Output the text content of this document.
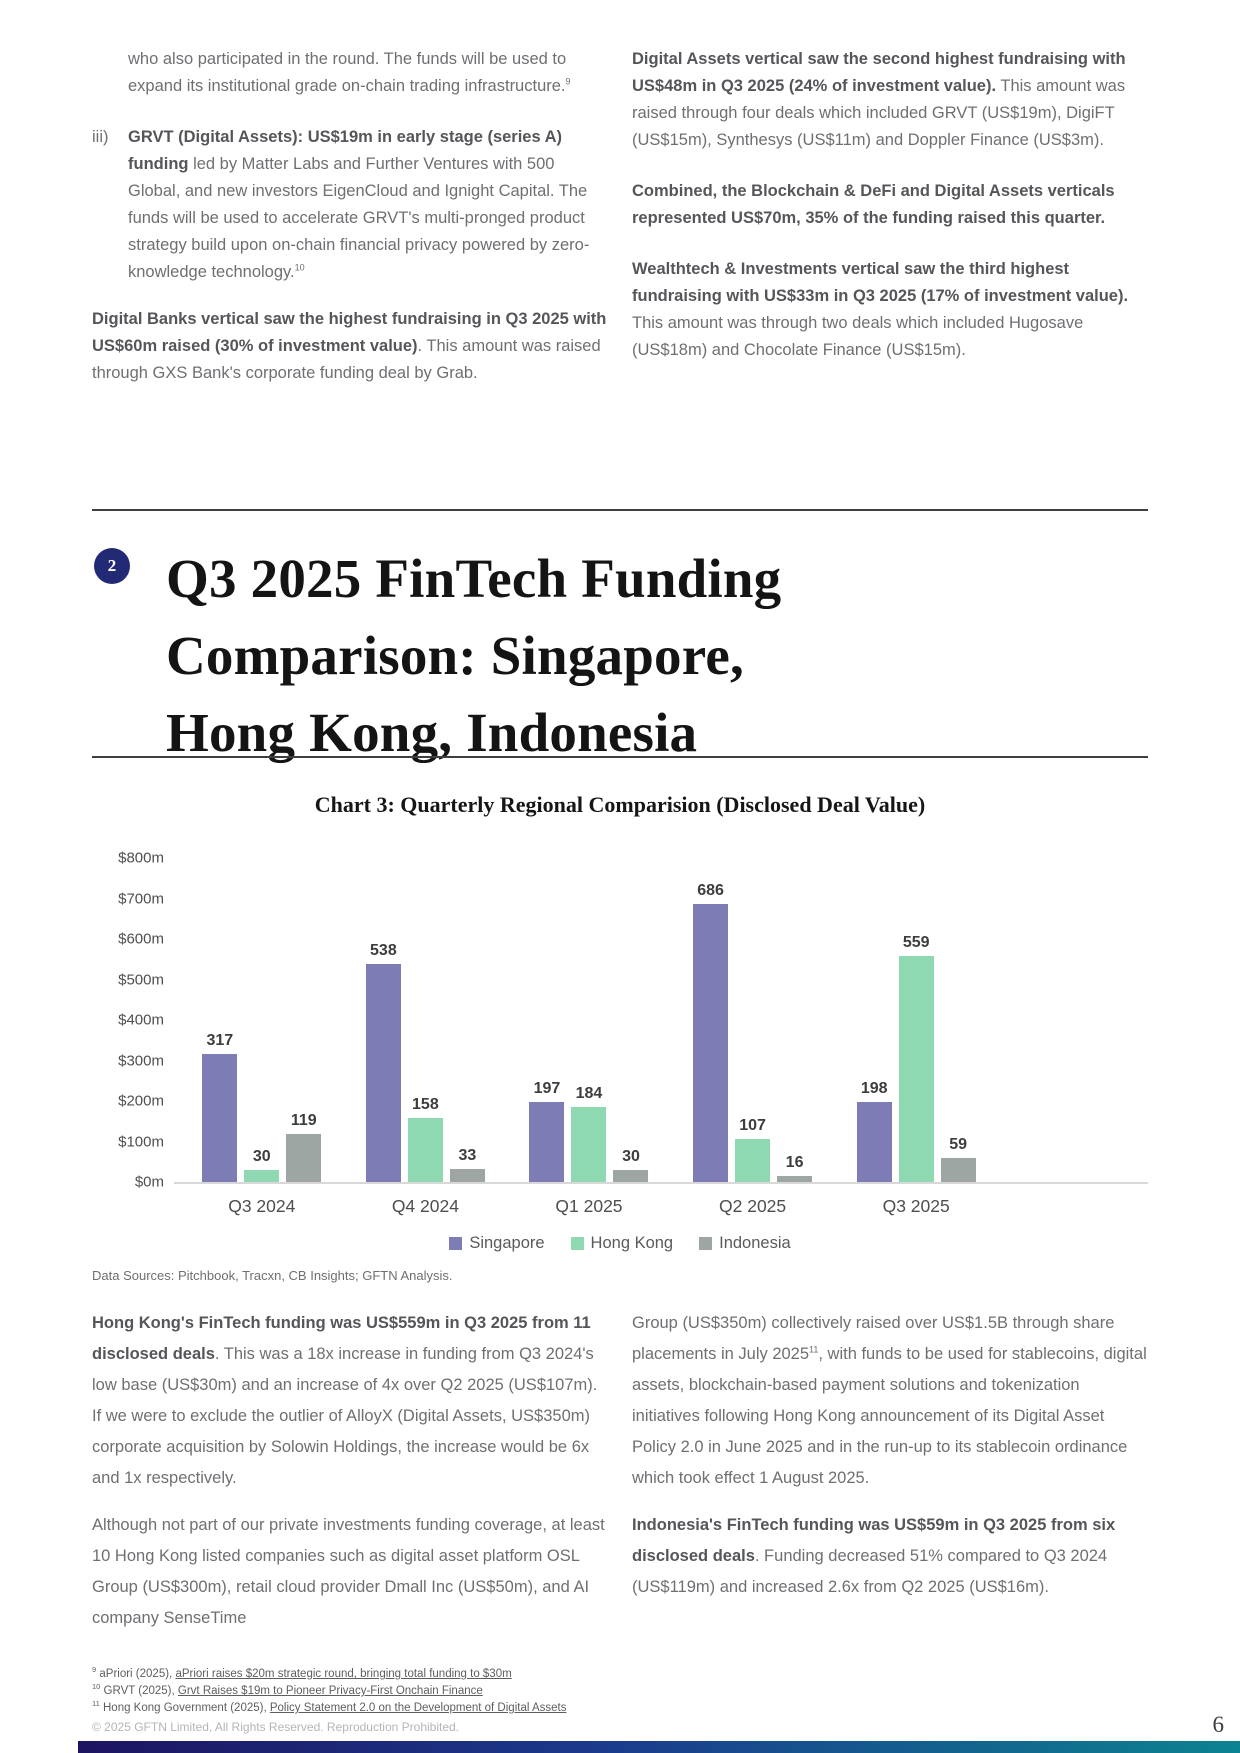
who also participated in the round. The funds will be used to expand its institutional grade on-chain trading infrastructure.$^9$

iii)	GRVT (Digital Assets): US$19m in early stage (series A) funding led by Matter Labs and Further Ventures with 500 Global, and new investors EigenCloud and Ignight Capital. The funds will be used to accelerate GRVT's multi-pronged product strategy build upon on-chain financial privacy powered by zero-knowledge technology.$^{10}$

Digital Banks vertical saw the highest fundraising in Q3 2025 with US$60m raised (30% of investment value). This amount was raised through GXS Bank's corporate funding deal by Grab.

Digital Assets vertical saw the second highest fundraising with US$48m in Q3 2025 (24% of investment value). This amount was raised through four deals which included GRVT (US$19m), DigiFT (US$15m), Synthesys (US$11m) and Doppler Finance (US$3m).

Combined, the Blockchain & DeFi and Digital Assets verticals represented US$70m, 35% of the funding raised this quarter.

Wealthtech & Investments vertical saw the third highest fundraising with US$33m in Q3 2025 (17% of investment value). This amount was through two deals which included Hugosave (US$18m) and Chocolate Finance (US$15m).

2 Q3 2025 FinTech Funding
Comparison: Singapore,
Hong Kong, Indonesia
Chart 3: Quarterly Regional Comparision (Disclosed Deal Value)
$800m
$700m
$600m
$500m
$400m
$300m
$200m
$100m
$0m
317
30
119
538
158
33
197 184
30
686
107
16
198
559
59
Q3 2024	Q4 2024	Q1 2025	Q2 2025	Q3 2025
Singapore	Hong Kong	Indonesia
Data Sources: Pitchbook, Tracxn, CB Insights; GFTN Analysis.

Hong Kong's FinTech funding was US$559m in Q3 2025 from 11 disclosed deals. This was a 18x increase in funding from Q3 2024's low base (US$30m) and an increase of 4x over Q2 2025 (US$107m). If we were to exclude the outlier of AlloyX (Digital Assets, US$350m) corporate acquisition by Solowin Holdings, the increase would be 6x and 1x respectively.

Although not part of our private investments funding coverage, at least 10 Hong Kong listed companies such as digital asset platform OSL Group (US$300m), retail cloud provider Dmall Inc (US$50m), and AI company SenseTime

Group (US$350m) collectively raised over US$1.5B through share placements in July 2025$^{11}$, with funds to be used for stablecoins, digital assets, blockchain-based payment solutions and tokenization initiatives following Hong Kong announcement of its Digital Asset Policy 2.0 in June 2025 and in the run-up to its stablecoin ordinance which took effect 1 August 2025.

Indonesia's FinTech funding was US$59m in Q3 2025 from six disclosed deals. Funding decreased 51% compared to Q3 2024 (US$119m) and increased 2.6x from Q2 2025 (US$16m).

$^9$ aPriori (2025), aPriori raises $20m strategic round, bringing total funding to $30m
$^{10}$ GRVT (2025), Grvt Raises $19m to Pioneer Privacy-First Onchain Finance
$^{11}$ Hong Kong Government (2025), Policy Statement 2.0 on the Development of Digital Assets
© 2025 GFTN Limited, All Rights Reserved. Reproduction Prohibited.	6
